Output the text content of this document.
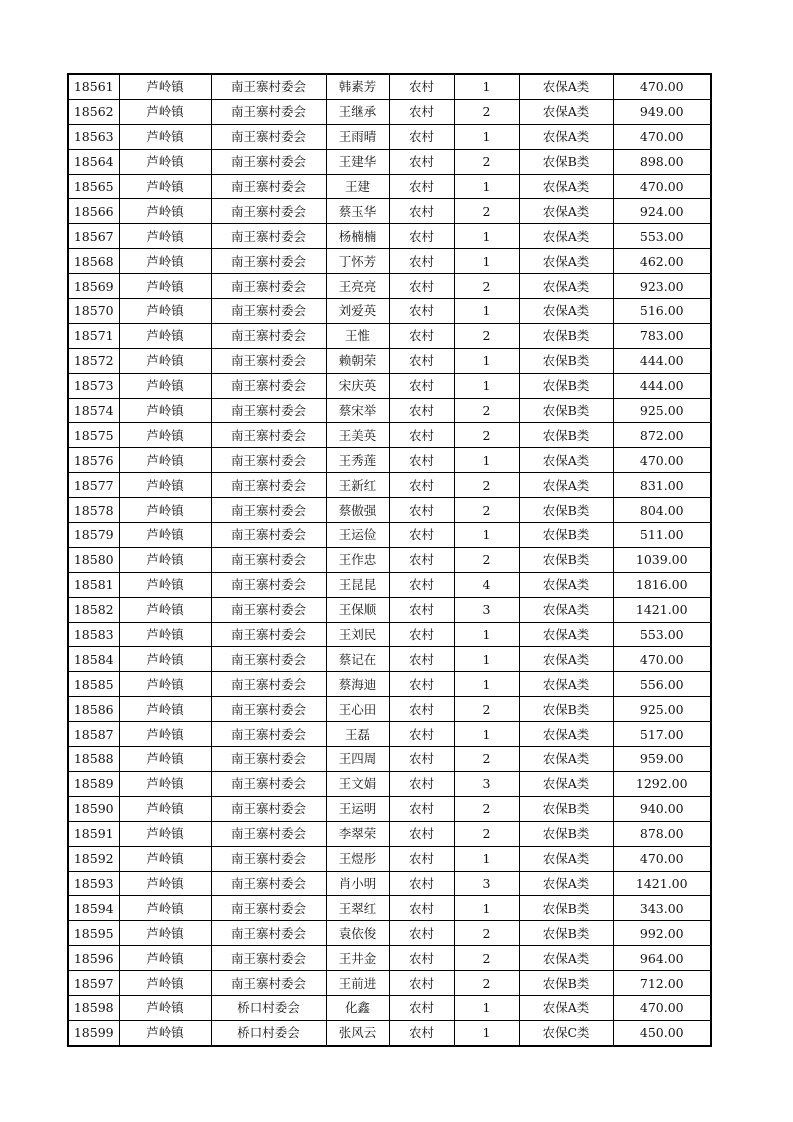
18561	芦岭镇	南王寨村委会	韩素芳	农村	1	农保A类	470.00
18562	芦岭镇	南王寨村委会	王继承	农村	2	农保A类	949.00
18563	芦岭镇	南王寨村委会	王雨晴	农村	1	农保A类	470.00
18564	芦岭镇	南王寨村委会	王建华	农村	2	农保B类	898.00
18565	芦岭镇	南王寨村委会	王建	农村	1	农保A类	470.00
18566	芦岭镇	南王寨村委会	蔡玉华	农村	2	农保A类	924.00
18567	芦岭镇	南王寨村委会	杨楠楠	农村	1	农保A类	553.00
18568	芦岭镇	南王寨村委会	丁怀芳	农村	1	农保A类	462.00
18569	芦岭镇	南王寨村委会	王亮亮	农村	2	农保A类	923.00
18570	芦岭镇	南王寨村委会	刘爱英	农村	1	农保A类	516.00
18571	芦岭镇	南王寨村委会	王惟	农村	2	农保B类	783.00
18572	芦岭镇	南王寨村委会	赖朝荣	农村	1	农保B类	444.00
18573	芦岭镇	南王寨村委会	宋庆英	农村	1	农保B类	444.00
18574	芦岭镇	南王寨村委会	蔡宋举	农村	2	农保B类	925.00
18575	芦岭镇	南王寨村委会	王美英	农村	2	农保B类	872.00
18576	芦岭镇	南王寨村委会	王秀莲	农村	1	农保A类	470.00
18577	芦岭镇	南王寨村委会	王新红	农村	2	农保A类	831.00
18578	芦岭镇	南王寨村委会	蔡傲强	农村	2	农保B类	804.00
18579	芦岭镇	南王寨村委会	王运俭	农村	1	农保B类	511.00
18580	芦岭镇	南王寨村委会	王作忠	农村	2	农保B类	1039.00
18581	芦岭镇	南王寨村委会	王昆昆	农村	4	农保A类	1816.00
18582	芦岭镇	南王寨村委会	王保顺	农村	3	农保A类	1421.00
18583	芦岭镇	南王寨村委会	王刘民	农村	1	农保A类	553.00
18584	芦岭镇	南王寨村委会	蔡记在	农村	1	农保A类	470.00
18585	芦岭镇	南王寨村委会	蔡海迪	农村	1	农保A类	556.00
18586	芦岭镇	南王寨村委会	王心田	农村	2	农保B类	925.00
18587	芦岭镇	南王寨村委会	王磊	农村	1	农保A类	517.00
18588	芦岭镇	南王寨村委会	王四周	农村	2	农保A类	959.00
18589	芦岭镇	南王寨村委会	王文娟	农村	3	农保A类	1292.00
18590	芦岭镇	南王寨村委会	王运明	农村	2	农保B类	940.00
18591	芦岭镇	南王寨村委会	李翠荣	农村	2	农保B类	878.00
18592	芦岭镇	南王寨村委会	王煜彤	农村	1	农保A类	470.00
18593	芦岭镇	南王寨村委会	肖小明	农村	3	农保A类	1421.00
18594	芦岭镇	南王寨村委会	王翠红	农村	1	农保B类	343.00
18595	芦岭镇	南王寨村委会	袁依俊	农村	2	农保B类	992.00
18596	芦岭镇	南王寨村委会	王井金	农村	2	农保A类	964.00
18597	芦岭镇	南王寨村委会	王前进	农村	2	农保B类	712.00
18598	芦岭镇	桥口村委会	化鑫	农村	1	农保A类	470.00
18599	芦岭镇	桥口村委会	张风云	农村	1	农保C类	450.00
